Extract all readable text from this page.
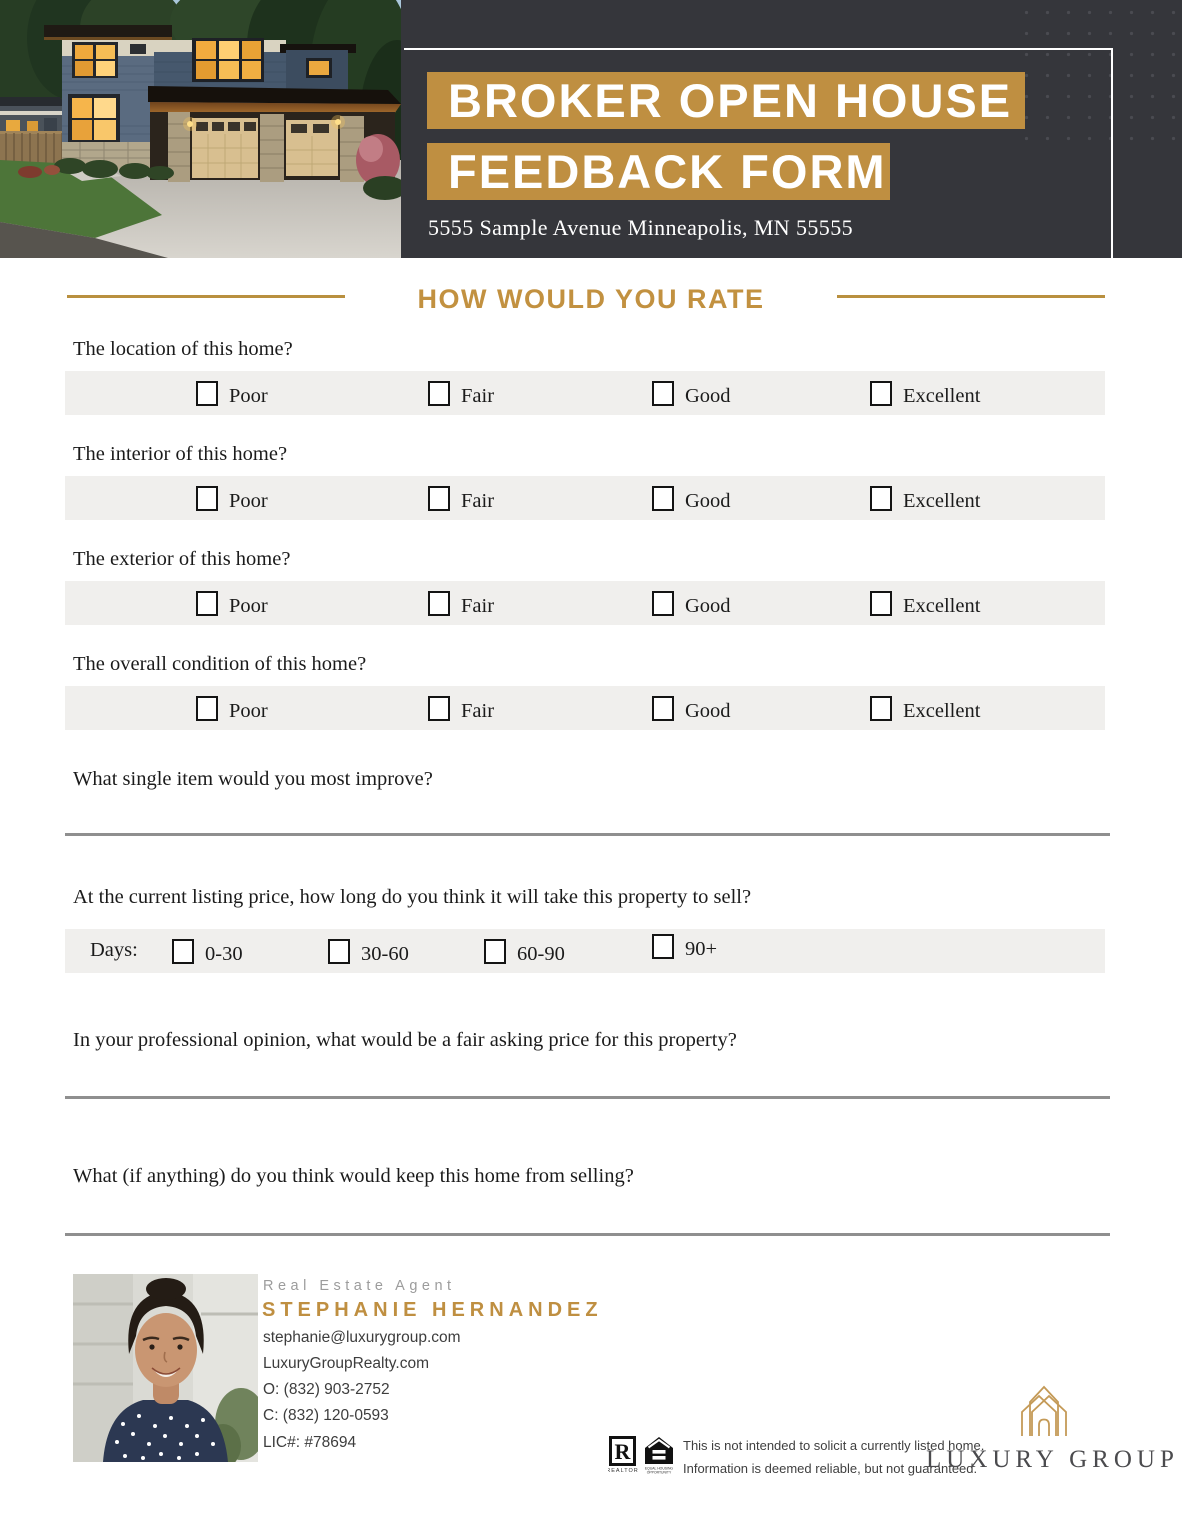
BROKER OPEN HOUSE
FEEDBACK FORM
5555 Sample Avenue Minneapolis, MN 55555
HOW WOULD YOU RATE
The location of this home?
Poor	Fair	Good	Excellent
The interior of this home?
Poor	Fair	Good	Excellent
The exterior of this home?
Poor	Fair	Good	Excellent
The overall condition of this home?
Poor	Fair	Good	Excellent
What single item would you most improve?
At the current listing price, how long do you think it will take this property to sell?
Days:	0-30	30-60	60-90	90+
In your professional opinion, what would be a fair asking price for this property?
What (if anything) do you think would keep this home from selling?
Real Estate Agent
STEPHANIE HERNANDEZ
stephanie@luxurygroup.com
LuxuryGroupRealty.com
O: (832) 903-2752
C: (832) 120-0593
LIC#: #78694	R
REALTOR EQUAL HOUSING
OPPORTUNITY
This is not intended to solicit a currently listed home.
Information is deemed reliable, but not guaranteed.
LUXURY GROUP
